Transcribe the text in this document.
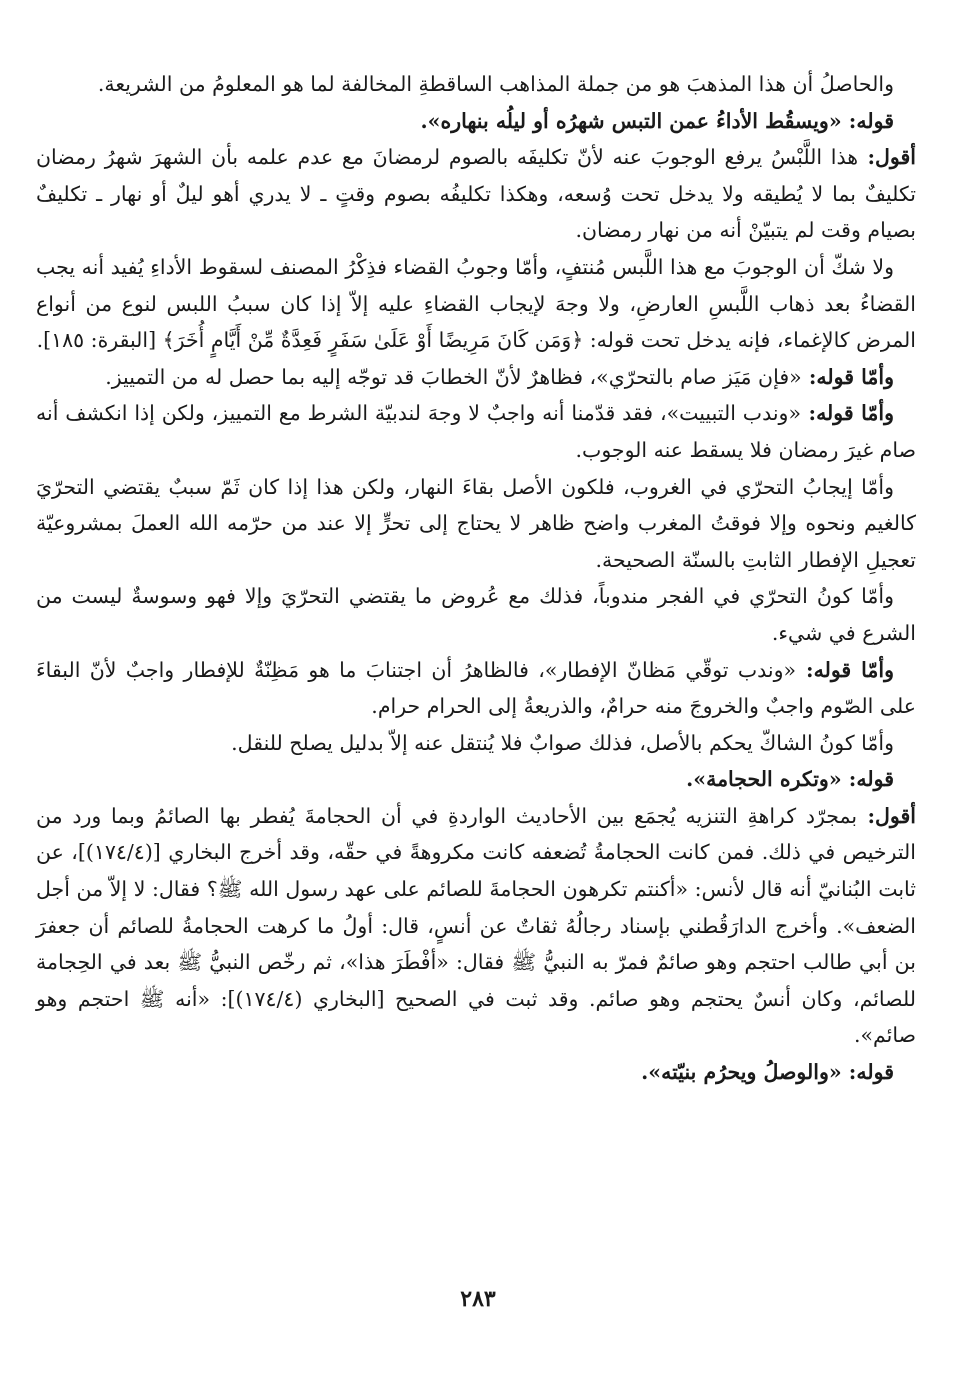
والحاصلُ أن هذا المذهبَ هو من جملة المذاهب الساقطةِ المخالفة لما هو المعلومُ من الشريعة.

قوله: «ويسقُط الأداءُ عمن التبس شهرُه أو ليلُه بنهاره».

أقول: هذا اللَّبْسُ يرفع الوجوبَ عنه لأنّ تكليفَه بالصوم لرمضانَ مع عدم علمه بأن الشهرَ شهرُ رمضان تكليفٌ بما لا يُطيقه ولا يدخل تحت وُسعه، وهكذا تكليفُه بصوم وقتٍ ـ لا يدري أهو ليلٌ أو نهار ـ تكليفٌ بصيام وقت لم يتبيّنْ أنه من نهار رمضان.

ولا شكّ أن الوجوبَ مع هذا اللَّبس مُنتفٍ، وأمّا وجوبُ القضاء فذِكْرُ المصنف لسقوط الأداءِ يُفيد أنه يجب القضاءُ بعد ذهاب اللَّبسِ العارضِ، ولا وجهَ لإيجاب القضاءِ عليه إلاّ إذا كان سببُ اللبس لنوع من أنواع المرض كالإغماء، فإنه يدخل تحت قوله: ﴿وَمَن كَانَ مَرِيضًا أَوْ عَلَىٰ سَفَرٍ فَعِدَّةٌ مِّنْ أَيَّامٍ أُخَرَ﴾ [البقرة: ١٨٥].

وأمّا قوله: «فإن مَيَز صام بالتحرّي»، فظاهرٌ لأنّ الخطابَ قد توجّه إليه بما حصل له من التمييز.

وأمّا قوله: «وندب التبييت»، فقد قدّمنا أنه واجبٌ لا وجهَ لندبيّة الشرط مع التمييز، ولكن إذا انكشف أنه صام غيرَ رمضان فلا يسقط عنه الوجوب.

وأمّا إيجابُ التحرّي في الغروب، فلكون الأصل بقاءَ النهار، ولكن هذا إذا كان ثَمّ سببٌ يقتضي التحرّيَ كالغيم ونحوه وإلا فوقتُ المغرب واضح ظاهر لا يحتاج إلى تحرٍّ إلا عند من حرّمه الله العملَ بمشروعيّة تعجيلِ الإفطار الثابتِ بالسنّة الصحيحة.

وأمّا كونُ التحرّي في الفجر مندوباً، فذلك مع عُروض ما يقتضي التحرّيَ وإلا فهو وسوسةٌ ليست من الشرع في شيء.

وأمّا قوله: «وندب توقّي مَظانّ الإفطار»، فالظاهرُ أن اجتنابَ ما هو مَظِنّةٌ للإفطار واجبٌ لأنّ البقاءَ على الصّوم واجبٌ والخروجَ منه حرامٌ، والذريعةُ إلى الحرام حرام.

وأمّا كونُ الشاكّ يحكم بالأصل، فذلك صوابٌ فلا يُنتقل عنه إلاّ بدليل يصلح للنقل.

قوله: «وتكره الحجامة».

أقول: بمجرّد كراهةِ التنزيه يُجمَع بين الأحاديث الواردةِ في أن الحجامةَ يُفطر بها الصائمُ وبما ورد من الترخيص في ذلك. فمن كانت الحجامةُ تُضعفه كانت مكروهةً في حقّه، وقد أخرج البخاري [(١٧٤/٤)]، عن ثابت البُنانيّ أنه قال لأنس: «أكنتم تكرهون الحجامةَ للصائم على عهد رسول الله ﷺ؟ فقال: لا إلاّ من أجل الضعف». وأخرج الدارَقُطني بإسناد رجالُهُ ثقاتٌ عن أنسٍ، قال: أولُ ما كرهت الحجامةُ للصائم أن جعفرَ بن أبي طالب احتجم وهو صائمٌ فمرّ به النبيُّ ﷺ فقال: «أفْطَرَ هذا»، ثم رخّص النبيُّ ﷺ بعد في الحِجامة للصائم، وكان أنسٌ يحتجم وهو صائم. وقد ثبت في الصحيح [البخاري (١٧٤/٤)]: «أنه ﷺ احتجم وهو صائم».

قوله: «والوصلُ ويحرُم بنيّته».

٢٨٣
